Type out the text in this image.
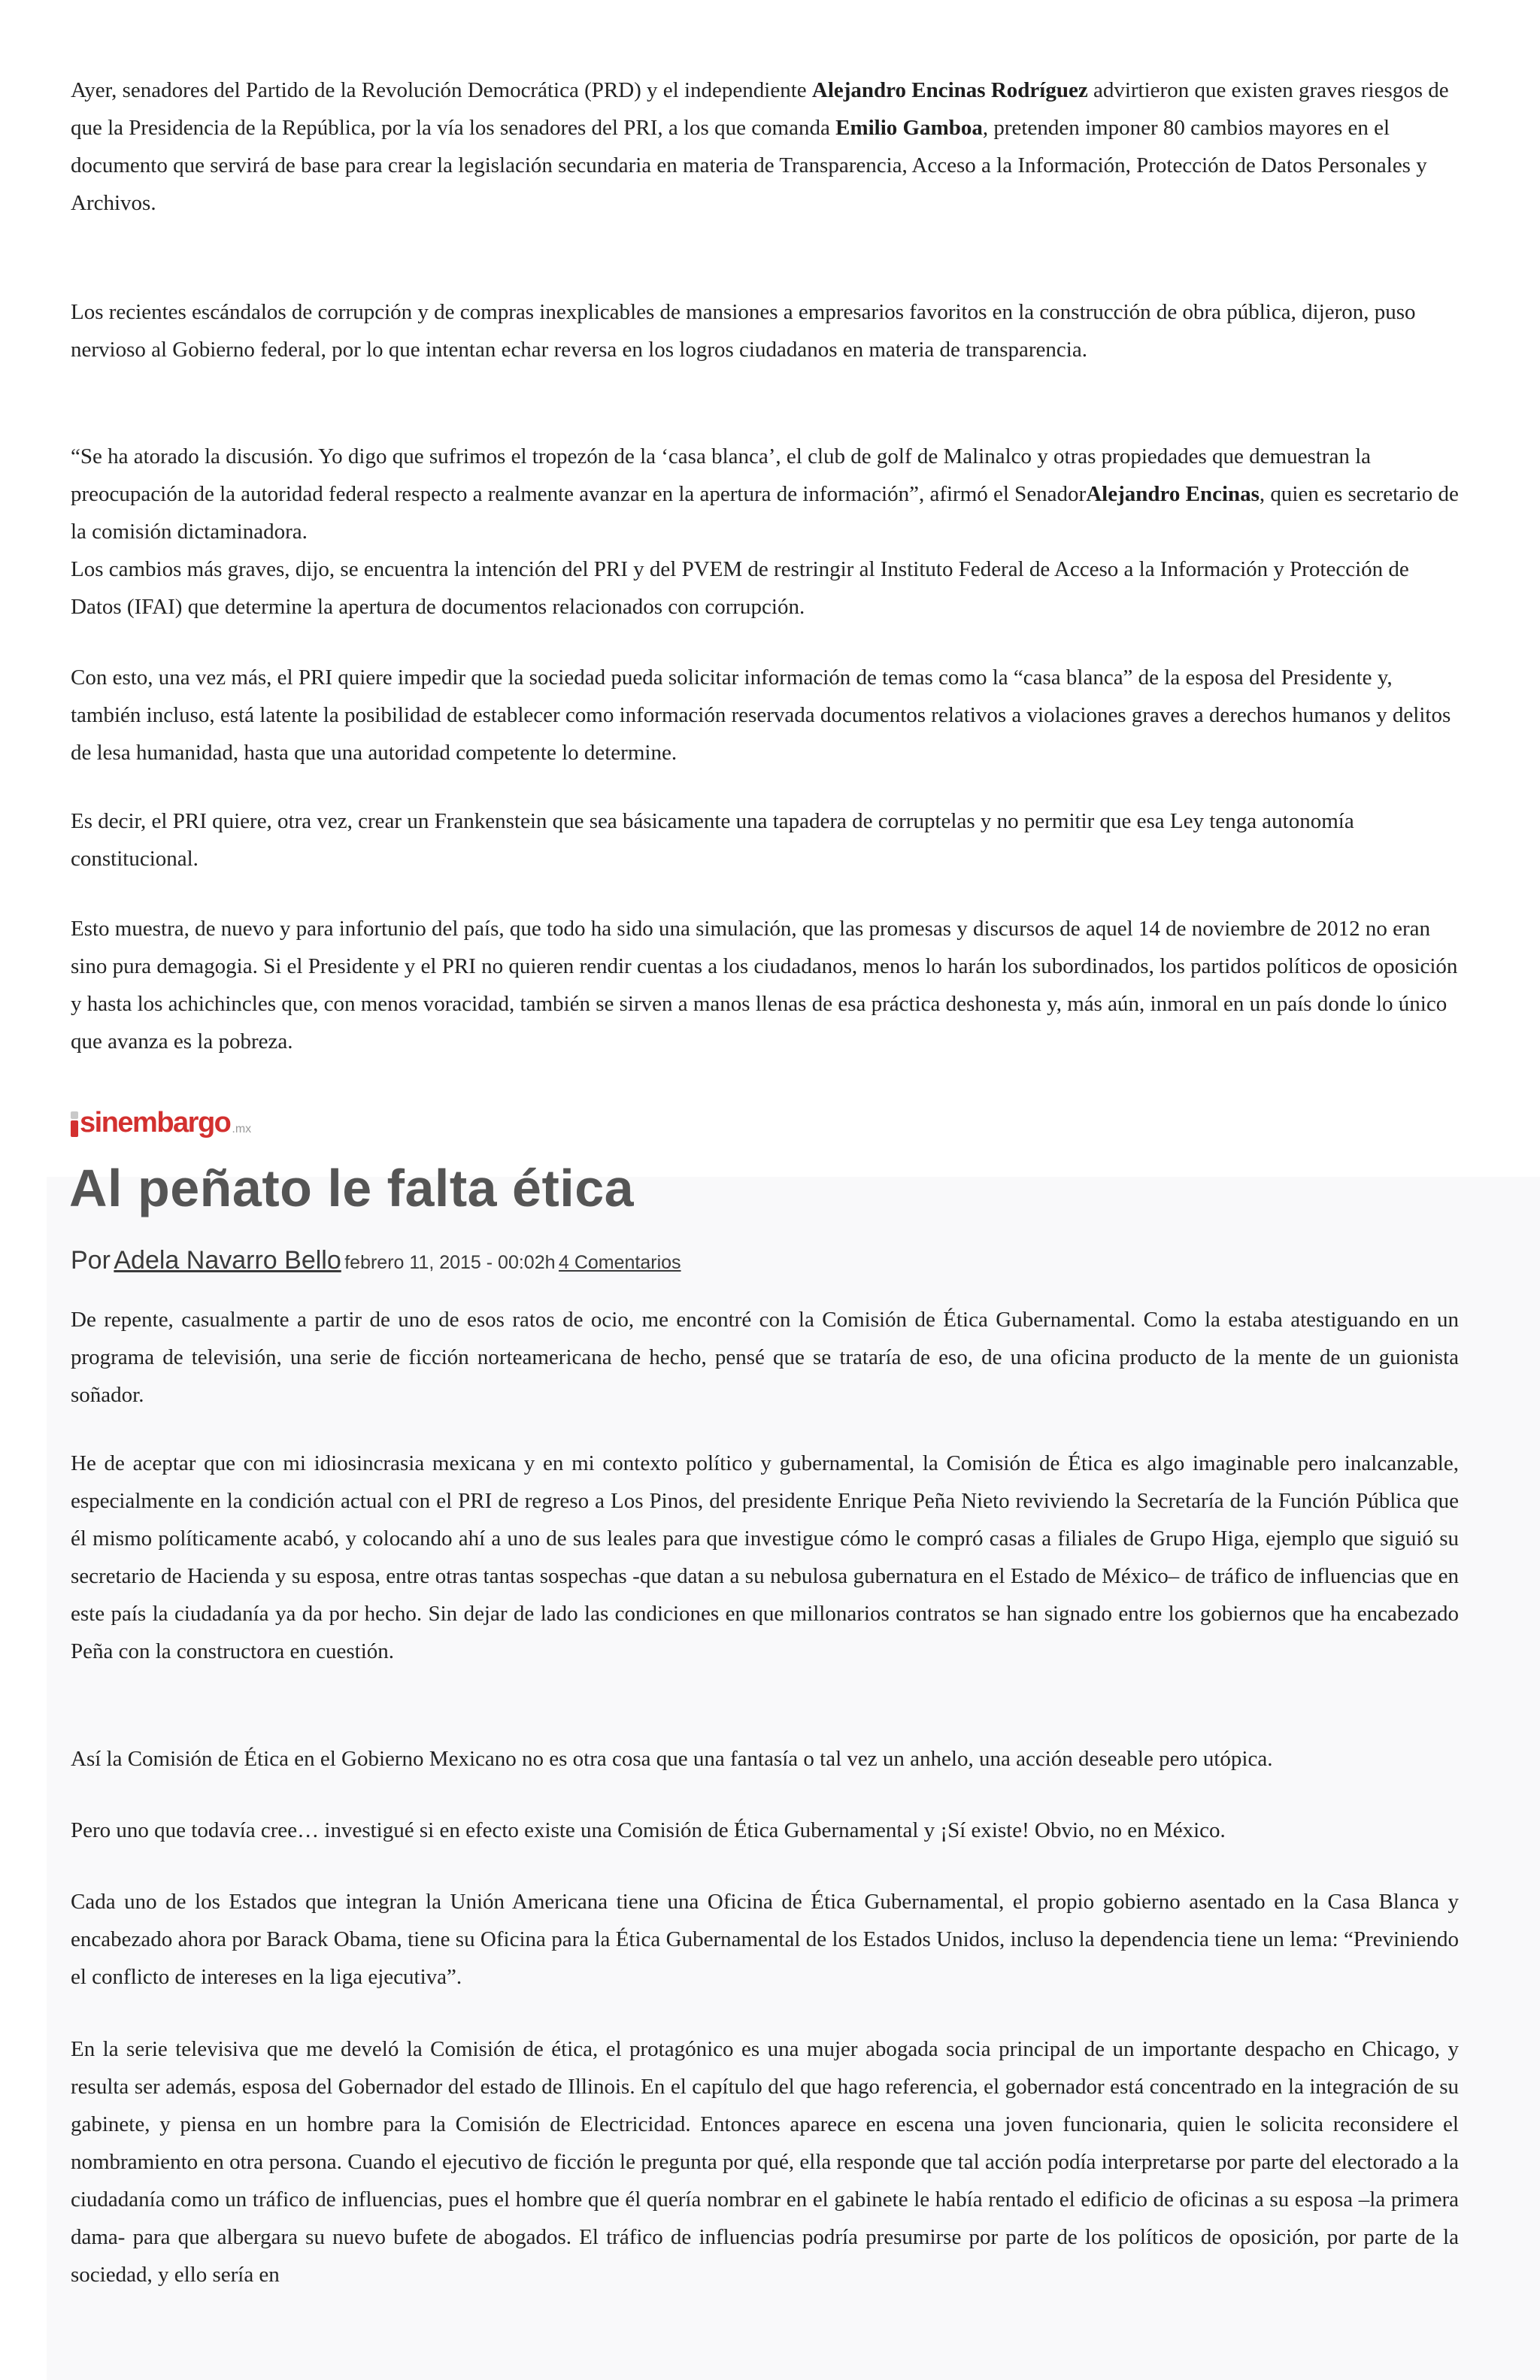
Ayer, senadores del Partido de la Revolución Democrática (PRD) y el independiente Alejandro Encinas Rodríguez advirtieron que existen graves riesgos de que la Presidencia de la República, por la vía los senadores del PRI, a los que comanda Emilio Gamboa, pretenden imponer 80 cambios mayores en el documento que servirá de base para crear la legislación secundaria en materia de Transparencia, Acceso a la Información, Protección de Datos Personales y Archivos.

Los recientes escándalos de corrupción y de compras inexplicables de mansiones a empresarios favoritos en la construcción de obra pública, dijeron, puso nervioso al Gobierno federal, por lo que intentan echar reversa en los logros ciudadanos en materia de transparencia.

“Se ha atorado la discusión. Yo digo que sufrimos el tropezón de la ‘casa blanca’, el club de golf de Malinalco y otras propiedades que demuestran la preocupación de la autoridad federal respecto a realmente avanzar en la apertura de información”, afirmó el SenadorAlejandro Encinas, quien es secretario de la comisión dictaminadora.

Los cambios más graves, dijo, se encuentra la intención del PRI y del PVEM de restringir al Instituto Federal de Acceso a la Información y Protección de Datos (IFAI) que determine la apertura de documentos relacionados con corrupción.

Con esto, una vez más, el PRI quiere impedir que la sociedad pueda solicitar información de temas como la “casa blanca” de la esposa del Presidente y, también incluso, está latente la posibilidad de establecer como información reservada documentos relativos a violaciones graves a derechos humanos y delitos de lesa humanidad, hasta que una autoridad competente lo determine.

Es decir, el PRI quiere, otra vez, crear un Frankenstein que sea básicamente una tapadera de corruptelas y no permitir que esa Ley tenga autonomía constitucional.

Esto muestra, de nuevo y para infortunio del país, que todo ha sido una simulación, que las promesas y discursos de aquel 14 de noviembre de 2012 no eran sino pura demagogia. Si el Presidente y el PRI no quieren rendir cuentas a los ciudadanos, menos lo harán los subordinados, los partidos políticos de oposición y hasta los achichincles que, con menos voracidad, también se sirven a manos llenas de esa práctica deshonesta y, más aún, inmoral en un país donde lo único que avanza es la pobreza.

sinembargo .mx
Al peñato le falta ética
Por Adela Navarro Bello febrero 11, 2015 - 00:02h 4 Comentarios

De repente, casualmente a partir de uno de esos ratos de ocio, me encontré con la Comisión de Ética Gubernamental. Como la estaba atestiguando en un programa de televisión, una serie de ficción norteamericana de hecho, pensé que se trataría de eso, de una oficina producto de la mente de un guionista soñador.

He de aceptar que con mi idiosincrasia mexicana y en mi contexto político y gubernamental, la Comisión de Ética es algo imaginable pero inalcanzable, especialmente en la condición actual con el PRI de regreso a Los Pinos, del presidente Enrique Peña Nieto reviviendo la Secretaría de la Función Pública que él mismo políticamente acabó, y colocando ahí a uno de sus leales para que investigue cómo le compró casas a filiales de Grupo Higa, ejemplo que siguió su secretario de Hacienda y su esposa, entre otras tantas sospechas -que datan a su nebulosa gubernatura en el Estado de México– de tráfico de influencias que en este país la ciudadanía ya da por hecho. Sin dejar de lado las condiciones en que millonarios contratos se han signado entre los gobiernos que ha encabezado Peña con la constructora en cuestión.

Así la Comisión de Ética en el Gobierno Mexicano no es otra cosa que una fantasía o tal vez un anhelo, una acción deseable pero utópica.

Pero uno que todavía cree… investigué si en efecto existe una Comisión de Ética Gubernamental y ¡Sí existe! Obvio, no en México.

Cada uno de los Estados que integran la Unión Americana tiene una Oficina de Ética Gubernamental, el propio gobierno asentado en la Casa Blanca y encabezado ahora por Barack Obama, tiene su Oficina para la Ética Gubernamental de los Estados Unidos, incluso la dependencia tiene un lema: “Previniendo el conflicto de intereses en la liga ejecutiva”.

En la serie televisiva que me develó la Comisión de ética, el protagónico es una mujer abogada socia principal de un importante despacho en Chicago, y resulta ser además, esposa del Gobernador del estado de Illinois. En el capítulo del que hago referencia, el gobernador está concentrado en la integración de su gabinete, y piensa en un hombre para la Comisión de Electricidad. Entonces aparece en escena una joven funcionaria, quien le solicita reconsidere el nombramiento en otra persona. Cuando el ejecutivo de ficción le pregunta por qué, ella responde que tal acción podía interpretarse por parte del electorado a la ciudadanía como un tráfico de influencias, pues el hombre que él quería nombrar en el gabinete le había rentado el edificio de oficinas a su esposa –la primera dama- para que albergara su nuevo bufete de abogados. El tráfico de influencias podría presumirse por parte de los políticos de oposición, por parte de la sociedad, y ello sería en
